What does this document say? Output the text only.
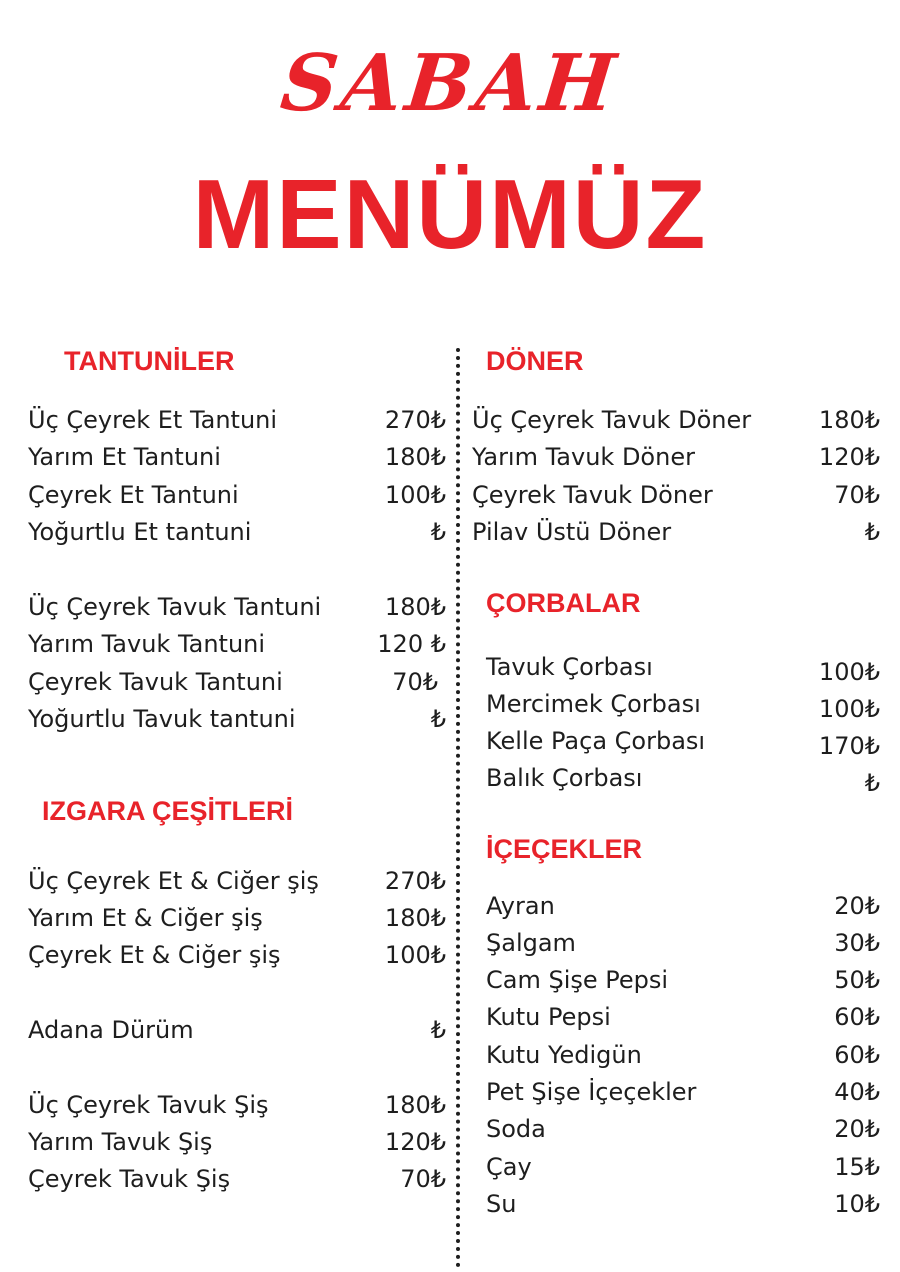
SABAH
MENÜMÜZ
TANTUNİLER
Üç Çeyrek Et Tantuni	270₺
Yarım Et Tantuni	180₺
Çeyrek Et Tantuni	100₺
Yoğurtlu Et tantuni	₺
Üç Çeyrek Tavuk Tantuni	180₺
Yarım Tavuk Tantuni	120 ₺
Çeyrek Tavuk Tantuni	70₺
Yoğurtlu Tavuk tantuni	₺
IZGARA ÇEŞİTLERİ
Üç Çeyrek Et & Ciğer şiş	270₺
Yarım Et & Ciğer şiş	180₺
Çeyrek Et & Ciğer şiş	100₺
Adana Dürüm	₺
Üç Çeyrek Tavuk Şiş	180₺
Yarım Tavuk Şiş	120₺
Çeyrek Tavuk Şiş	70₺
DÖNER
Üç Çeyrek Tavuk Döner	180₺
Yarım Tavuk Döner	120₺
Çeyrek Tavuk Döner	70₺
Pilav Üstü Döner	₺
ÇORBALAR
Tavuk Çorbası	100₺
Mercimek Çorbası	100₺
Kelle Paça Çorbası	170₺
Balık Çorbası	₺
İÇEÇEKLER
Ayran	20₺
Şalgam	30₺
Cam Şişe Pepsi	50₺
Kutu Pepsi	60₺
Kutu Yedigün	60₺
Pet Şişe İçeçekler	40₺
Soda	20₺
Çay	15₺
Su	10₺
